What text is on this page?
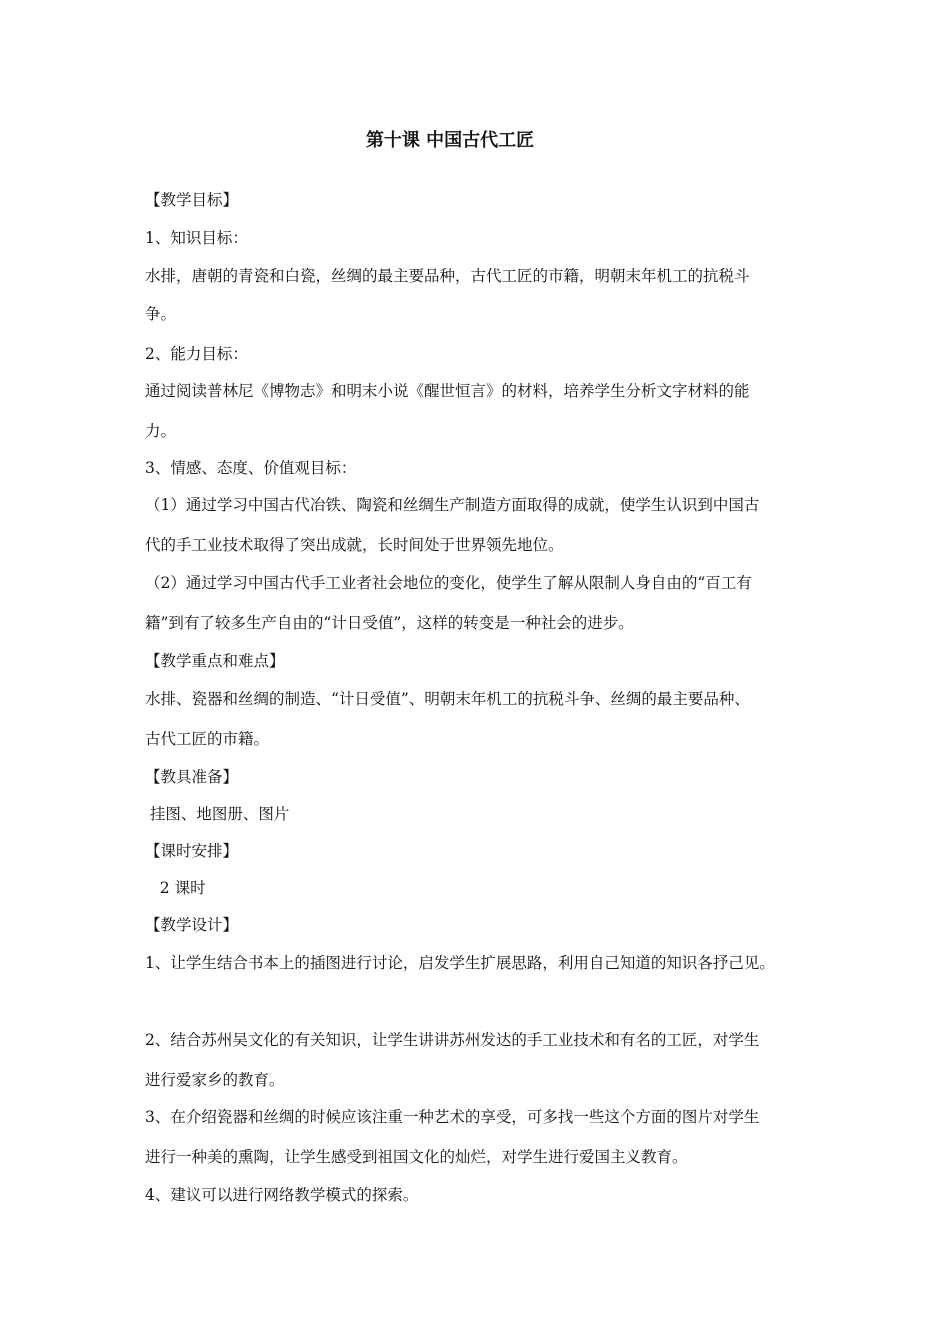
第十课 中国古代工匠
【教学目标】
1、知识目标：
水排，唐朝的青瓷和白瓷，丝绸的最主要品种，古代工匠的市籍，明朝末年机工的抗税斗
争。
2、能力目标：
通过阅读普林尼《博物志》和明末小说《醒世恒言》的材料，培养学生分析文字材料的能
力。
3、情感、态度、价值观目标：
（1）通过学习中国古代冶铁、陶瓷和丝绸生产制造方面取得的成就，使学生认识到中国古
代的手工业技术取得了突出成就，长时间处于世界领先地位。
（2）通过学习中国古代手工业者社会地位的变化，使学生了解从限制人身自由的“百工有
籍”到有了较多生产自由的“计日受值”，这样的转变是一种社会的进步。
【教学重点和难点】
水排、瓷器和丝绸的制造、“计日受值”、明朝末年机工的抗税斗争、丝绸的最主要品种、
古代工匠的市籍。
【教具准备】
挂图、地图册、图片
【课时安排】
2 课时
【教学设计】
1、让学生结合书本上的插图进行讨论，启发学生扩展思路，利用自己知道的知识各抒己见。
2、结合苏州吴文化的有关知识，让学生讲讲苏州发达的手工业技术和有名的工匠，对学生
进行爱家乡的教育。
3、在介绍瓷器和丝绸的时候应该注重一种艺术的享受，可多找一些这个方面的图片对学生
进行一种美的熏陶，让学生感受到祖国文化的灿烂，对学生进行爱国主义教育。
4、建议可以进行网络教学模式的探索。
